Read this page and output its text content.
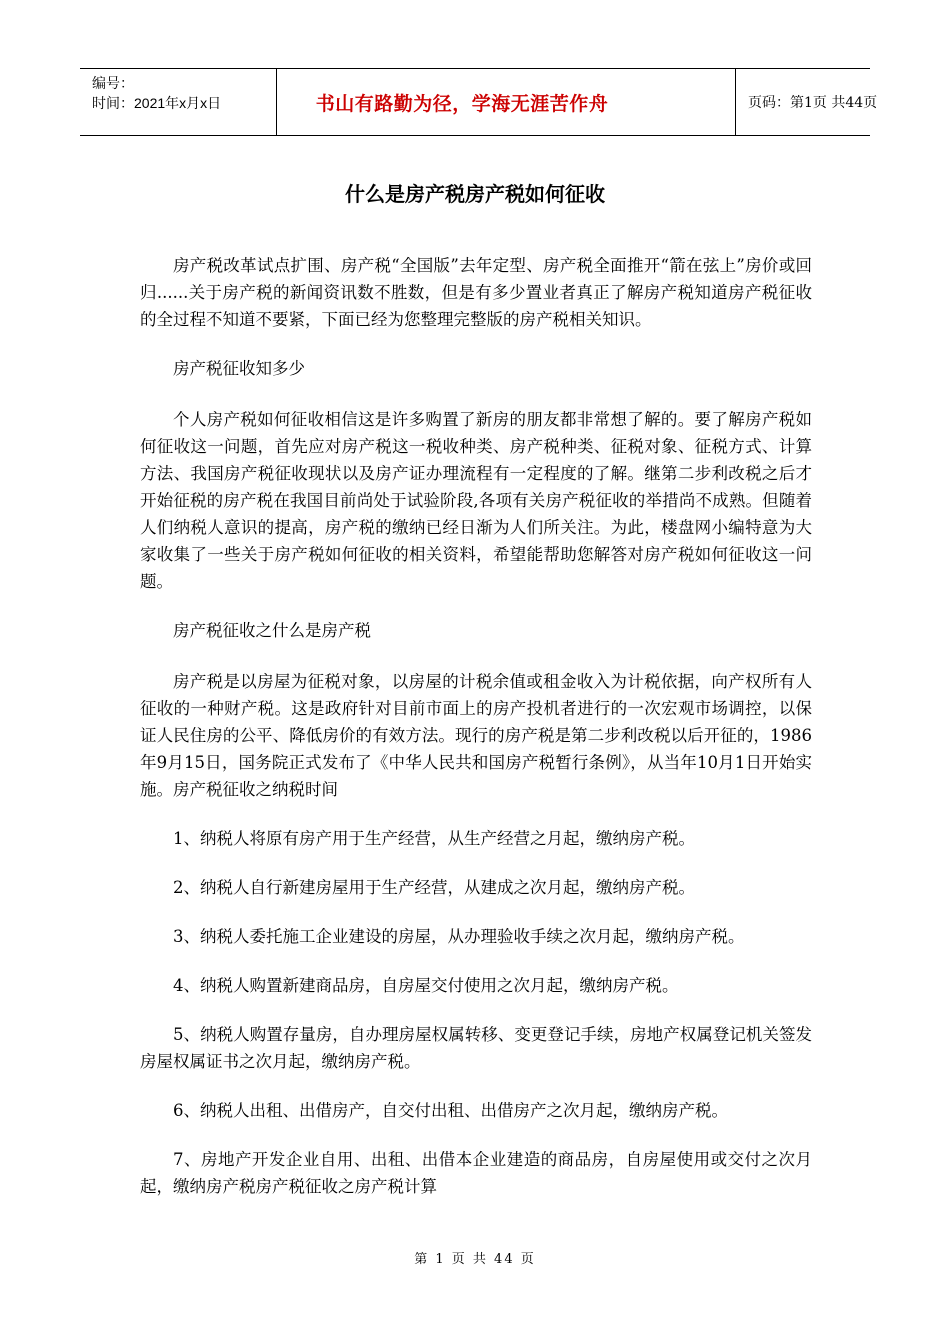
编号：
时间：2021年x月x日	书山有路勤为径，学海无涯苦作舟	页码：第1页 共44页
什么是房产税房产税如何征收

房产税改革试点扩围、房产税“全国版”去年定型、房产税全面推开“箭在弦上”房价或回归......关于房产税的新闻资讯数不胜数，但是有多少置业者真正了解房产税知道房产税征收的全过程不知道不要紧，下面已经为您整理完整版的房产税相关知识。

房产税征收知多少

个人房产税如何征收相信这是许多购置了新房的朋友都非常想了解的。要了解房产税如何征收这一问题，首先应对房产税这一税收种类、房产税种类、征税对象、征税方式、计算方法、我国房产税征收现状以及房产证办理流程有一定程度的了解。继第二步利改税之后才开始征税的房产税在我国目前尚处于试验阶段,各项有关房产税征收的举措尚不成熟。但随着人们纳税人意识的提高，房产税的缴纳已经日渐为人们所关注。为此，楼盘网小编特意为大家收集了一些关于房产税如何征收的相关资料，希望能帮助您解答对房产税如何征收这一问题。

房产税征收之什么是房产税

房产税是以房屋为征税对象，以房屋的计税余值或租金收入为计税依据，向产权所有人征收的一种财产税。这是政府针对目前市面上的房产投机者进行的一次宏观市场调控，以保证人民住房的公平、降低房价的有效方法。现行的房产税是第二步利改税以后开征的，1986年9月15日，国务院正式发布了《中华人民共和国房产税暂行条例》，从当年10月1日开始实施。房产税征收之纳税时间

1、纳税人将原有房产用于生产经营，从生产经营之月起，缴纳房产税。

2、纳税人自行新建房屋用于生产经营，从建成之次月起，缴纳房产税。

3、纳税人委托施工企业建设的房屋，从办理验收手续之次月起，缴纳房产税。

4、纳税人购置新建商品房，自房屋交付使用之次月起，缴纳房产税。

5、纳税人购置存量房，自办理房屋权属转移、变更登记手续，房地产权属登记机关签发房屋权属证书之次月起，缴纳房产税。

6、纳税人出租、出借房产，自交付出租、出借房产之次月起，缴纳房产税。

7、房地产开发企业自用、出租、出借本企业建造的商品房，自房屋使用或交付之次月起，缴纳房产税房产税征收之房产税计算

第 1 页 共 44 页
